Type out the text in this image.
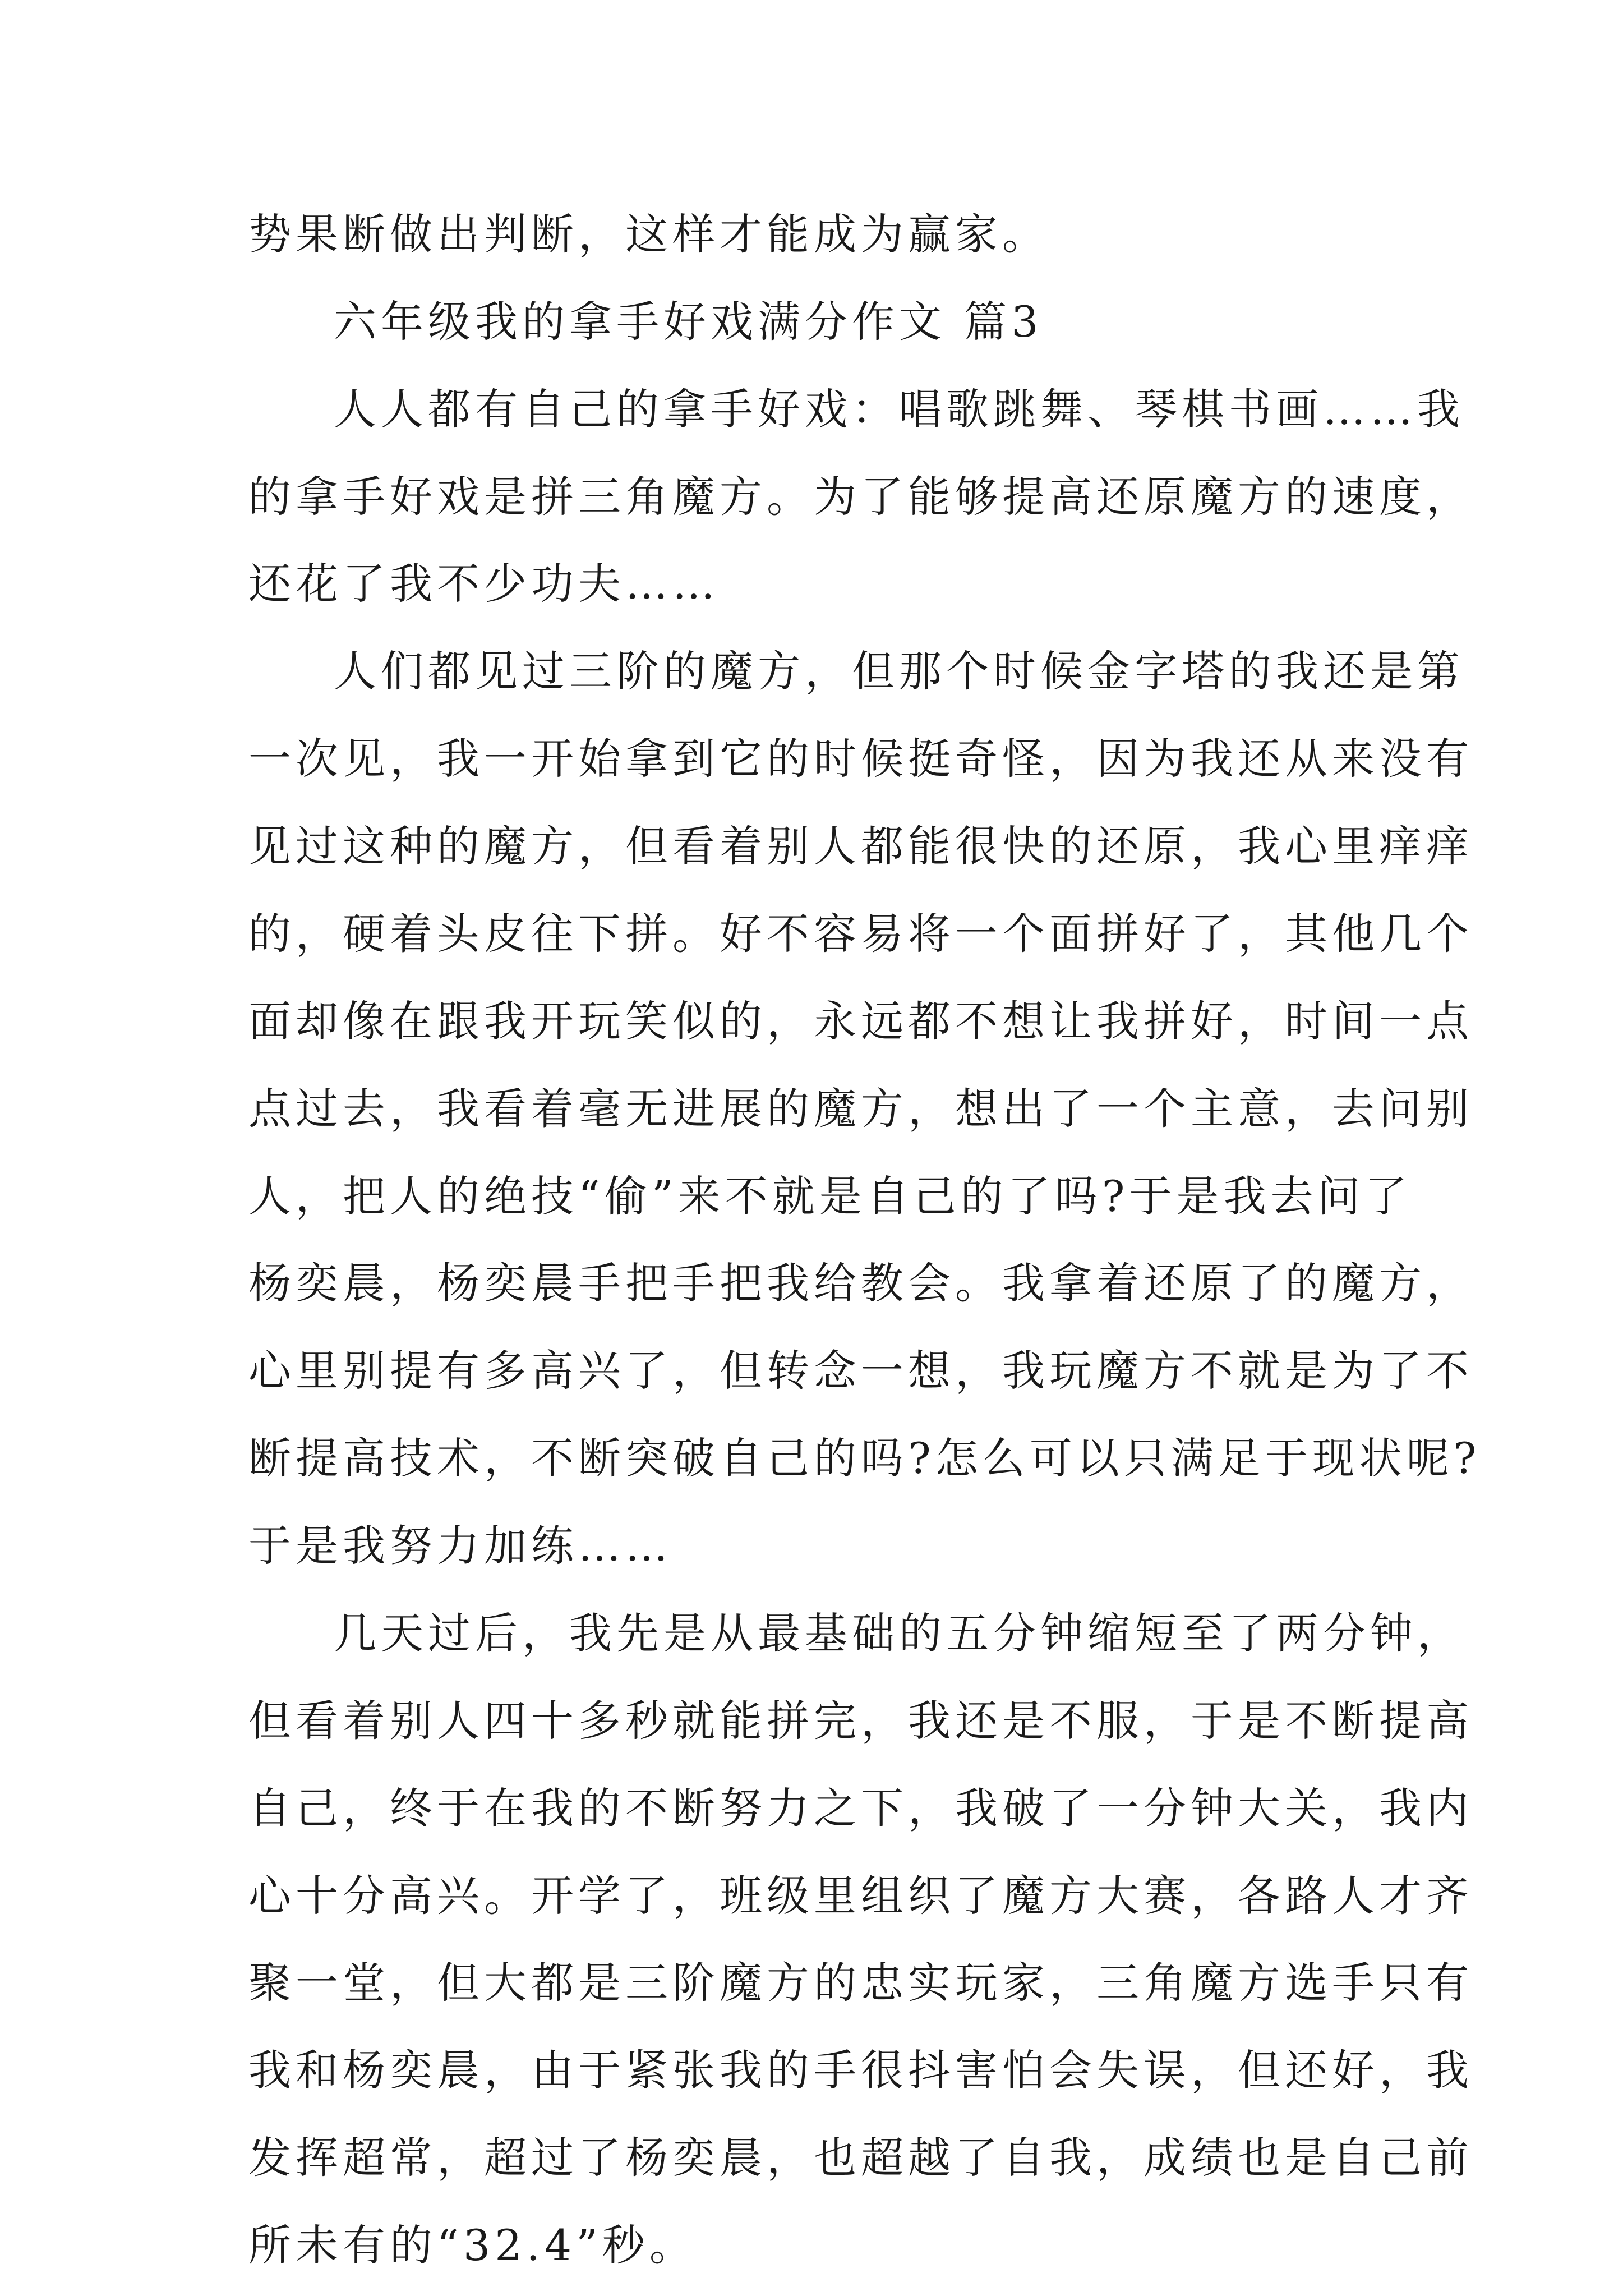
势果断做出判断，这样才能成为赢家。
六年级我的拿手好戏满分作文 篇3
人人都有自己的拿手好戏：唱歌跳舞、琴棋书画……我
的拿手好戏是拼三角魔方。为了能够提高还原魔方的速度，
还花了我不少功夫……
人们都见过三阶的魔方，但那个时候金字塔的我还是第
一次见，我一开始拿到它的时候挺奇怪，因为我还从来没有
见过这种的魔方，但看着别人都能很快的还原，我心里痒痒
的，硬着头皮往下拼。好不容易将一个面拼好了，其他几个
面却像在跟我开玩笑似的，永远都不想让我拼好，时间一点
点过去，我看着毫无进展的魔方，想出了一个主意，去问别
人，把人的绝技“偷”来不就是自己的了吗?于是我去问了
杨奕晨，杨奕晨手把手把我给教会。我拿着还原了的魔方，
心里别提有多高兴了，但转念一想，我玩魔方不就是为了不
断提高技术，不断突破自己的吗?怎么可以只满足于现状呢?
于是我努力加练……
几天过后，我先是从最基础的五分钟缩短至了两分钟，
但看着别人四十多秒就能拼完，我还是不服，于是不断提高
自己，终于在我的不断努力之下，我破了一分钟大关，我内
心十分高兴。开学了，班级里组织了魔方大赛，各路人才齐
聚一堂，但大都是三阶魔方的忠实玩家，三角魔方选手只有
我和杨奕晨，由于紧张我的手很抖害怕会失误，但还好，我
发挥超常，超过了杨奕晨，也超越了自我，成绩也是自己前
所未有的“32.4”秒。
